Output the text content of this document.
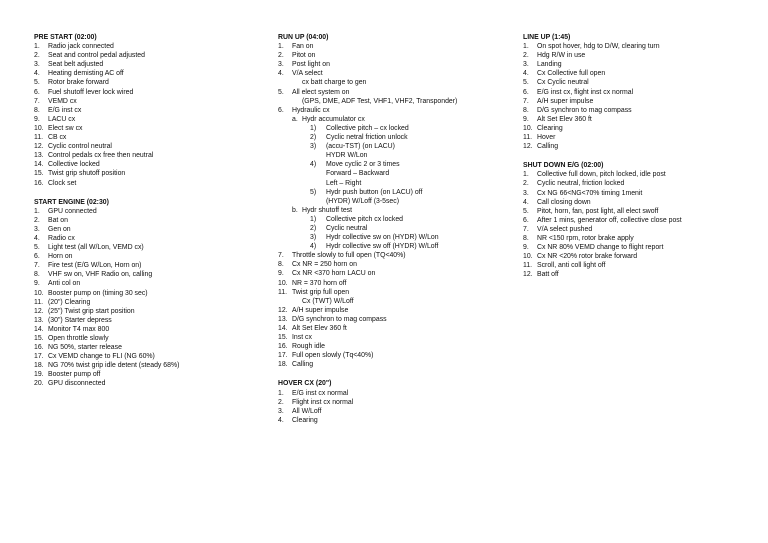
PRE START (02:00)
1.	Radio jack connected
2.	Seat and control pedal adjusted
3.	Seat belt adjusted
4.	Heating demisting AC off
5.	Rotor brake forward
6.	Fuel shutoff lever lock wired
7.	VEMD cx
8.	E/G inst cx
9.	LACU cx
10. Elect sw cx
11. CB cx
12. Cyclic control neutral
13. Control pedals cx free then neutral
14. Collective locked
15. Twist grip shutoff position
16. Clock set
START ENGINE (02:30)
1.	GPU connected
2.	Bat on
3.	Gen on
4.	Radio cx
5.	Light test (all W/Lon, VEMD cx)
6.	Horn on
7.	Fire test (E/G W/Lon, Horn on)
8.	VHF sw on, VHF Radio on, calling
9.	Anti col on
10. Booster pump on (timing 30 sec)
11. (20") Clearing
12. (25") Twist grip start position
13. (30") Starter depress
14. Monitor T4 max 800
15. Open throttle slowly
16. NG 50%, starter release
17. Cx VEMD change to FLI (NG 60%)
18. NG 70% twist grip idle detent (steady 68%)
19. Booster pump off
20. GPU disconnected
RUN UP (04:00)
1.	Fan on
2.	Pitot on
3.	Post light on
4.	V/A select
cx batt charge to gen
5.	All elect system on
(GPS, DME, ADF Test, VHF1, VHF2, Transponder)
6.	Hydraulic cx
a. Hydr accumulator cx
1)	Collective pitch – cx locked
2)	Cyclic netral friction unlock
3)	(accu-TST) (on LACU)
HYDR W/Lon
4)	Move cyclic 2 or 3 times
Forward – Backward
Left – Right
5)	Hydr push button (on LACU) off
(HYDR) W/Loff (3-5sec)
b. Hydr shutoff test
1)	Collective pitch cx locked
2)	Cyclic neutral
3)	Hydr collective sw on (HYDR) W/Lon
4)	Hydr collective sw off (HYDR) W/Loff
7.	Throttle slowly to full open (TQ<40%)
8.	Cx NR = 250 horn on
9.	Cx NR <370 horn LACU on
10. NR = 370 horn off
11. Twist grip full open
Cx (TWT) W/Loff
12. A/H super impulse
13. D/G synchron to mag compass
14. Alt Set Elev 360 ft
15. Inst cx
16. Rough idle
17. Full open slowly (Tq<40%)
18. Calling
HOVER CX (20")
1.	E/G inst cx normal
2.	Flight inst cx normal
3.	All W/Loff
4.	Clearing
LINE UP (1:45)
1.	On spot hover, hdg to D/W, clearing turn
2.	Hdg R/W in use
3.	Landing
4.	Cx Collective full open
5.	Cx Cyclic neutral
6.	E/G inst cx, flight inst cx normal
7.	A/H super impulse
8.	D/G synchron to mag compass
9.	Alt Set Elev 360 ft
10. Clearing
11. Hover
12. Calling
SHUT DOWN E/G (02:00)
1.	Collective full down, pitch locked, idle post
2.	Cyclic neutral, friction locked
3.	Cx NG 66<NG<70% timing 1menit
4.	Call closing down
5.	Pitot, horn, fan, post light, all elect swoff
6.	After 1 mins, generator off, collective close post
7.	V/A select pushed
8.	NR <150 rpm, rotor brake apply
9.	Cx NR 80% VEMD change to flight report
10. Cx NR <20% rotor brake forward
11. Scroll, anti coll light off
12. Batt off
